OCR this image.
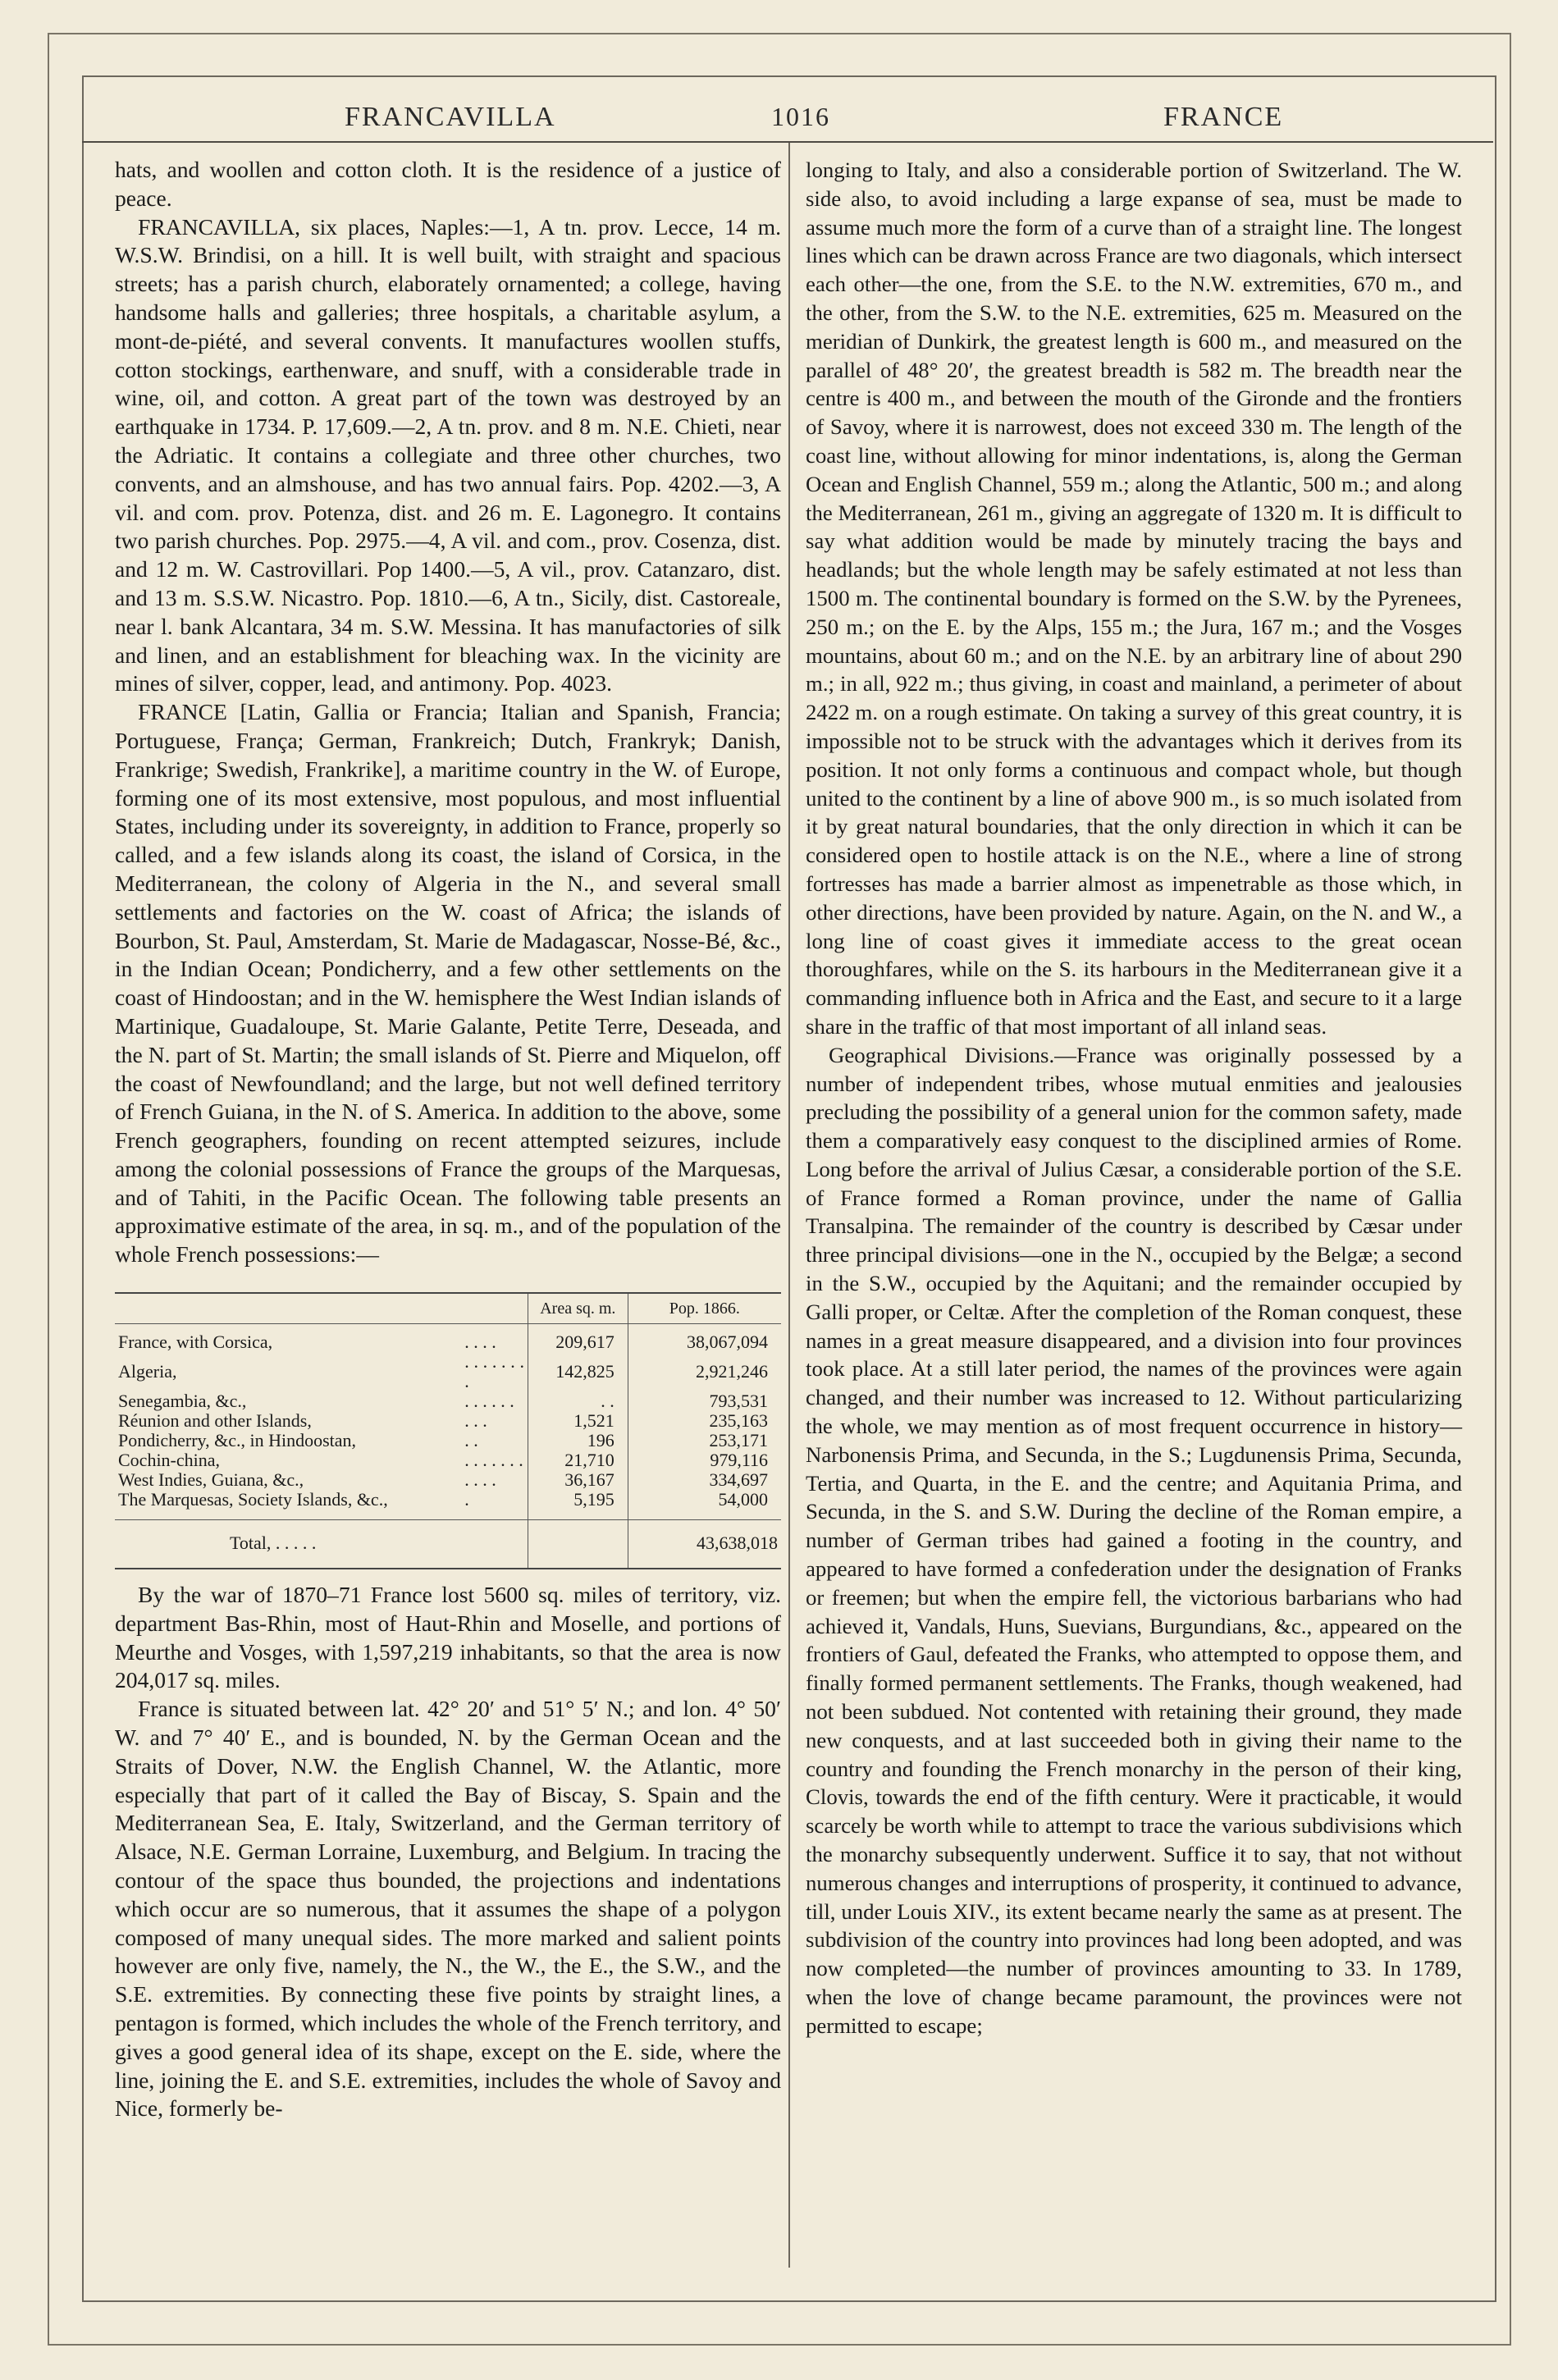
FRANCAVILLA	1016	FRANCE

hats, and woollen and cotton cloth. It is the residence of a justice of peace.

FRANCAVILLA, six places, Naples:—1, A tn. prov. Lecce, 14 m. W.S.W. Brindisi, on a hill. It is well built, with straight and spacious streets; has a parish church, elaborately ornamented; a college, having handsome halls and galleries; three hospitals, a charitable asylum, a mont-de-piété, and several convents. It manufactures woollen stuffs, cotton stockings, earthenware, and snuff, with a considerable trade in wine, oil, and cotton. A great part of the town was destroyed by an earthquake in 1734. P. 17,609.—2, A tn. prov. and 8 m. N.E. Chieti, near the Adriatic. It contains a collegiate and three other churches, two convents, and an almshouse, and has two annual fairs. Pop. 4202.—3, A vil. and com. prov. Potenza, dist. and 26 m. E. Lagonegro. It contains two parish churches. Pop. 2975.—4, A vil. and com., prov. Cosenza, dist. and 12 m. W. Castrovillari. Pop 1400.—5, A vil., prov. Catanzaro, dist. and 13 m. S.S.W. Nicastro. Pop. 1810.—6, A tn., Sicily, dist. Castoreale, near l. bank Alcantara, 34 m. S.W. Messina. It has manufactories of silk and linen, and an establishment for bleaching wax. In the vicinity are mines of silver, copper, lead, and antimony. Pop. 4023.

FRANCE [Latin, Gallia or Francia; Italian and Spanish, Francia; Portuguese, França; German, Frankreich; Dutch, Frankryk; Danish, Frankrige; Swedish, Frankrike], a maritime country in the W. of Europe, forming one of its most extensive, most populous, and most influential States, including under its sovereignty, in addition to France, properly so called, and a few islands along its coast, the island of Corsica, in the Mediterranean, the colony of Algeria in the N., and several small settlements and factories on the W. coast of Africa; the islands of Bourbon, St. Paul, Amsterdam, St. Marie de Madagascar, Nosse-Bé, &c., in the Indian Ocean; Pondicherry, and a few other settlements on the coast of Hindoostan; and in the W. hemisphere the West Indian islands of Martinique, Guadaloupe, St. Marie Galante, Petite Terre, Deseada, and the N. part of St. Martin; the small islands of St. Pierre and Miquelon, off the coast of Newfoundland; and the large, but not well defined territory of French Guiana, in the N. of S. America. In addition to the above, some French geographers, founding on recent attempted seizures, include among the colonial possessions of France the groups of the Marquesas, and of Tahiti, in the Pacific Ocean. The following table presents an approximative estimate of the area, in sq. m., and of the population of the whole French possessions:—

		Area sq. m.	Pop. 1866.
France, with Corsica,	. . . .	209,617	38,067,094
Algeria,	. . . . . . . .	142,825	2,921,246
Senegambia, &c.,	. . . . . .	. .	793,531
Réunion and other Islands,	. . .	1,521	235,163
Pondicherry, &c., in Hindoostan,	. .	196	253,171
Cochin-china,	. . . . . . .	21,710	979,116
West Indies, Guiana, &c.,	. . . .	36,167	334,697
The Marquesas, Society Islands, &c.,	.	5,195	54,000
Total, . . . . .			43,638,018

By the war of 1870–71 France lost 5600 sq. miles of territory, viz. department Bas-Rhin, most of Haut-Rhin and Moselle, and portions of Meurthe and Vosges, with 1,597,219 inhabitants, so that the area is now 204,017 sq. miles.

France is situated between lat. 42° 20′ and 51° 5′ N.; and lon. 4° 50′ W. and 7° 40′ E., and is bounded, N. by the German Ocean and the Straits of Dover, N.W. the English Channel, W. the Atlantic, more especially that part of it called the Bay of Biscay, S. Spain and the Mediterranean Sea, E. Italy, Switzerland, and the German territory of Alsace, N.E. German Lorraine, Luxemburg, and Belgium. In tracing the contour of the space thus bounded, the projections and indentations which occur are so numerous, that it assumes the shape of a polygon composed of many unequal sides. The more marked and salient points however are only five, namely, the N., the W., the E., the S.W., and the S.E. extremities. By connecting these five points by straight lines, a pentagon is formed, which includes the whole of the French territory, and gives a good general idea of its shape, except on the E. side, where the line, joining the E. and S.E. extremities, includes the whole of Savoy and Nice, formerly be-

longing to Italy, and also a considerable portion of Switzerland. The W. side also, to avoid including a large expanse of sea, must be made to assume much more the form of a curve than of a straight line. The longest lines which can be drawn across France are two diagonals, which intersect each other—the one, from the S.E. to the N.W. extremities, 670 m., and the other, from the S.W. to the N.E. extremities, 625 m. Measured on the meridian of Dunkirk, the greatest length is 600 m., and measured on the parallel of 48° 20′, the greatest breadth is 582 m. The breadth near the centre is 400 m., and between the mouth of the Gironde and the frontiers of Savoy, where it is narrowest, does not exceed 330 m. The length of the coast line, without allowing for minor indentations, is, along the German Ocean and English Channel, 559 m.; along the Atlantic, 500 m.; and along the Mediterranean, 261 m., giving an aggregate of 1320 m. It is difficult to say what addition would be made by minutely tracing the bays and headlands; but the whole length may be safely estimated at not less than 1500 m. The continental boundary is formed on the S.W. by the Pyrenees, 250 m.; on the E. by the Alps, 155 m.; the Jura, 167 m.; and the Vosges mountains, about 60 m.; and on the N.E. by an arbitrary line of about 290 m.; in all, 922 m.; thus giving, in coast and mainland, a perimeter of about 2422 m. on a rough estimate. On taking a survey of this great country, it is impossible not to be struck with the advantages which it derives from its position. It not only forms a continuous and compact whole, but though united to the continent by a line of above 900 m., is so much isolated from it by great natural boundaries, that the only direction in which it can be considered open to hostile attack is on the N.E., where a line of strong fortresses has made a barrier almost as impenetrable as those which, in other directions, have been provided by nature. Again, on the N. and W., a long line of coast gives it immediate access to the great ocean thoroughfares, while on the S. its harbours in the Mediterranean give it a commanding influence both in Africa and the East, and secure to it a large share in the traffic of that most important of all inland seas.

Geographical Divisions.—France was originally possessed by a number of independent tribes, whose mutual enmities and jealousies precluding the possibility of a general union for the common safety, made them a comparatively easy conquest to the disciplined armies of Rome. Long before the arrival of Julius Cæsar, a considerable portion of the S.E. of France formed a Roman province, under the name of Gallia Transalpina. The remainder of the country is described by Cæsar under three principal divisions—one in the N., occupied by the Belgæ; a second in the S.W., occupied by the Aquitani; and the remainder occupied by Galli proper, or Celtæ. After the completion of the Roman conquest, these names in a great measure disappeared, and a division into four provinces took place. At a still later period, the names of the provinces were again changed, and their number was increased to 12. Without particularizing the whole, we may mention as of most frequent occurrence in history—Narbonensis Prima, and Secunda, in the S.; Lugdunensis Prima, Secunda, Tertia, and Quarta, in the E. and the centre; and Aquitania Prima, and Secunda, in the S. and S.W. During the decline of the Roman empire, a number of German tribes had gained a footing in the country, and appeared to have formed a confederation under the designation of Franks or freemen; but when the empire fell, the victorious barbarians who had achieved it, Vandals, Huns, Suevians, Burgundians, &c., appeared on the frontiers of Gaul, defeated the Franks, who attempted to oppose them, and finally formed permanent settlements. The Franks, though weakened, had not been subdued. Not contented with retaining their ground, they made new conquests, and at last succeeded both in giving their name to the country and founding the French monarchy in the person of their king, Clovis, towards the end of the fifth century. Were it practicable, it would scarcely be worth while to attempt to trace the various subdivisions which the monarchy subsequently underwent. Suffice it to say, that not without numerous changes and interruptions of prosperity, it continued to advance, till, under Louis XIV., its extent became nearly the same as at present. The subdivision of the country into provinces had long been adopted, and was now completed—the number of provinces amounting to 33. In 1789, when the love of change became paramount, the provinces were not permitted to escape;
